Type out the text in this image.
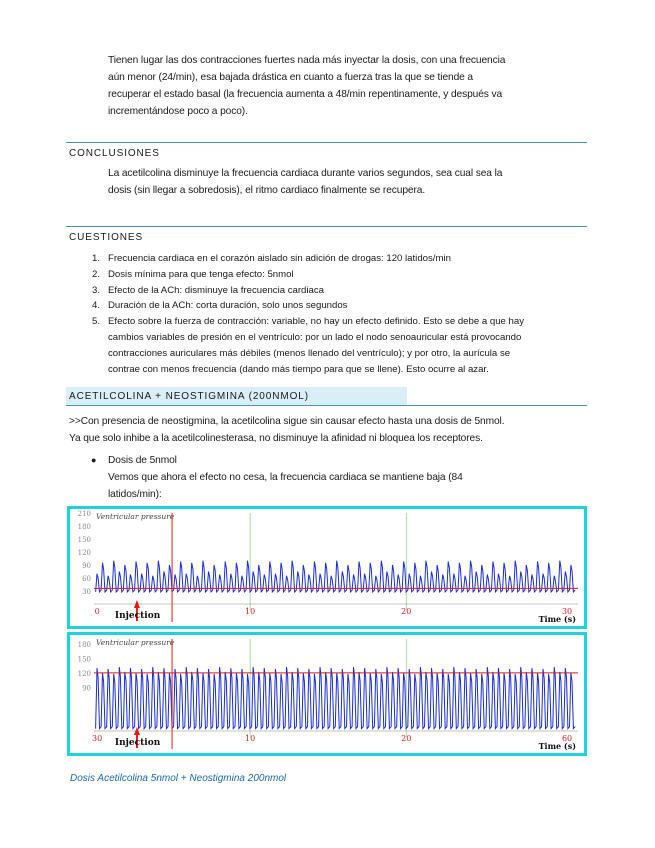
Tienen lugar las dos contracciones fuertes nada más inyectar la dosis, con una frecuencia
aún menor (24/min), esa bajada drástica en cuanto a fuerza tras la que se tiende a
recuperar el estado basal (la frecuencia aumenta a 48/min repentinamente, y después va
incrementándose poco a poco).
CONCLUSIONES
La acetilcolina disminuye la frecuencia cardiaca durante varios segundos, sea cual sea la
dosis (sin llegar a sobredosis), el ritmo cardiaco finalmente se recupera.
CUESTIONES
1. Frecuencia cardiaca en el corazón aislado sin adición de drogas: 120 latidos/min
2. Dosis mínima para que tenga efecto: 5nmol
3. Efecto de la ACh: disminuye la frecuencia cardiaca
4. Duración de la ACh: corta duración, solo unos segundos
5. Efecto sobre la fuerza de contracción: variable, no hay un efecto definido. Esto se debe a que hay
cambios variables de presión en el ventrículo: por un lado el nodo senoauricular está provocando
contracciones auriculares más débiles (menos llenado del ventrículo); y por otro, la aurícula se
contrae con menos frecuencia (dando más tiempo para que se llene). Esto ocurre al azar.
ACETILCOLINA + NEOSTIGMINA (200NMOL)
>>Con presencia de neostigmina, la acetilcolina sigue sin causar efecto hasta una dosis de 5nmol.
Ya que solo inhibe a la acetilcolinesterasa, no disminuye la afinidad ni bloquea los receptores.
● Dosis de 5nmol
Vemos que ahora el efecto no cesa, la frecuencia cardiaca se mantiene baja (84
latidos/min):
Ventricular pressure
210
180
150
120
90
60
30
0	10	20	30
Injection	Time (s)
Ventricular pressure
180
150
120
90
30	10	20	60
Injection	Time (s)
Dosis Acetilcolina 5nmol + Neostigmina 200nmol
